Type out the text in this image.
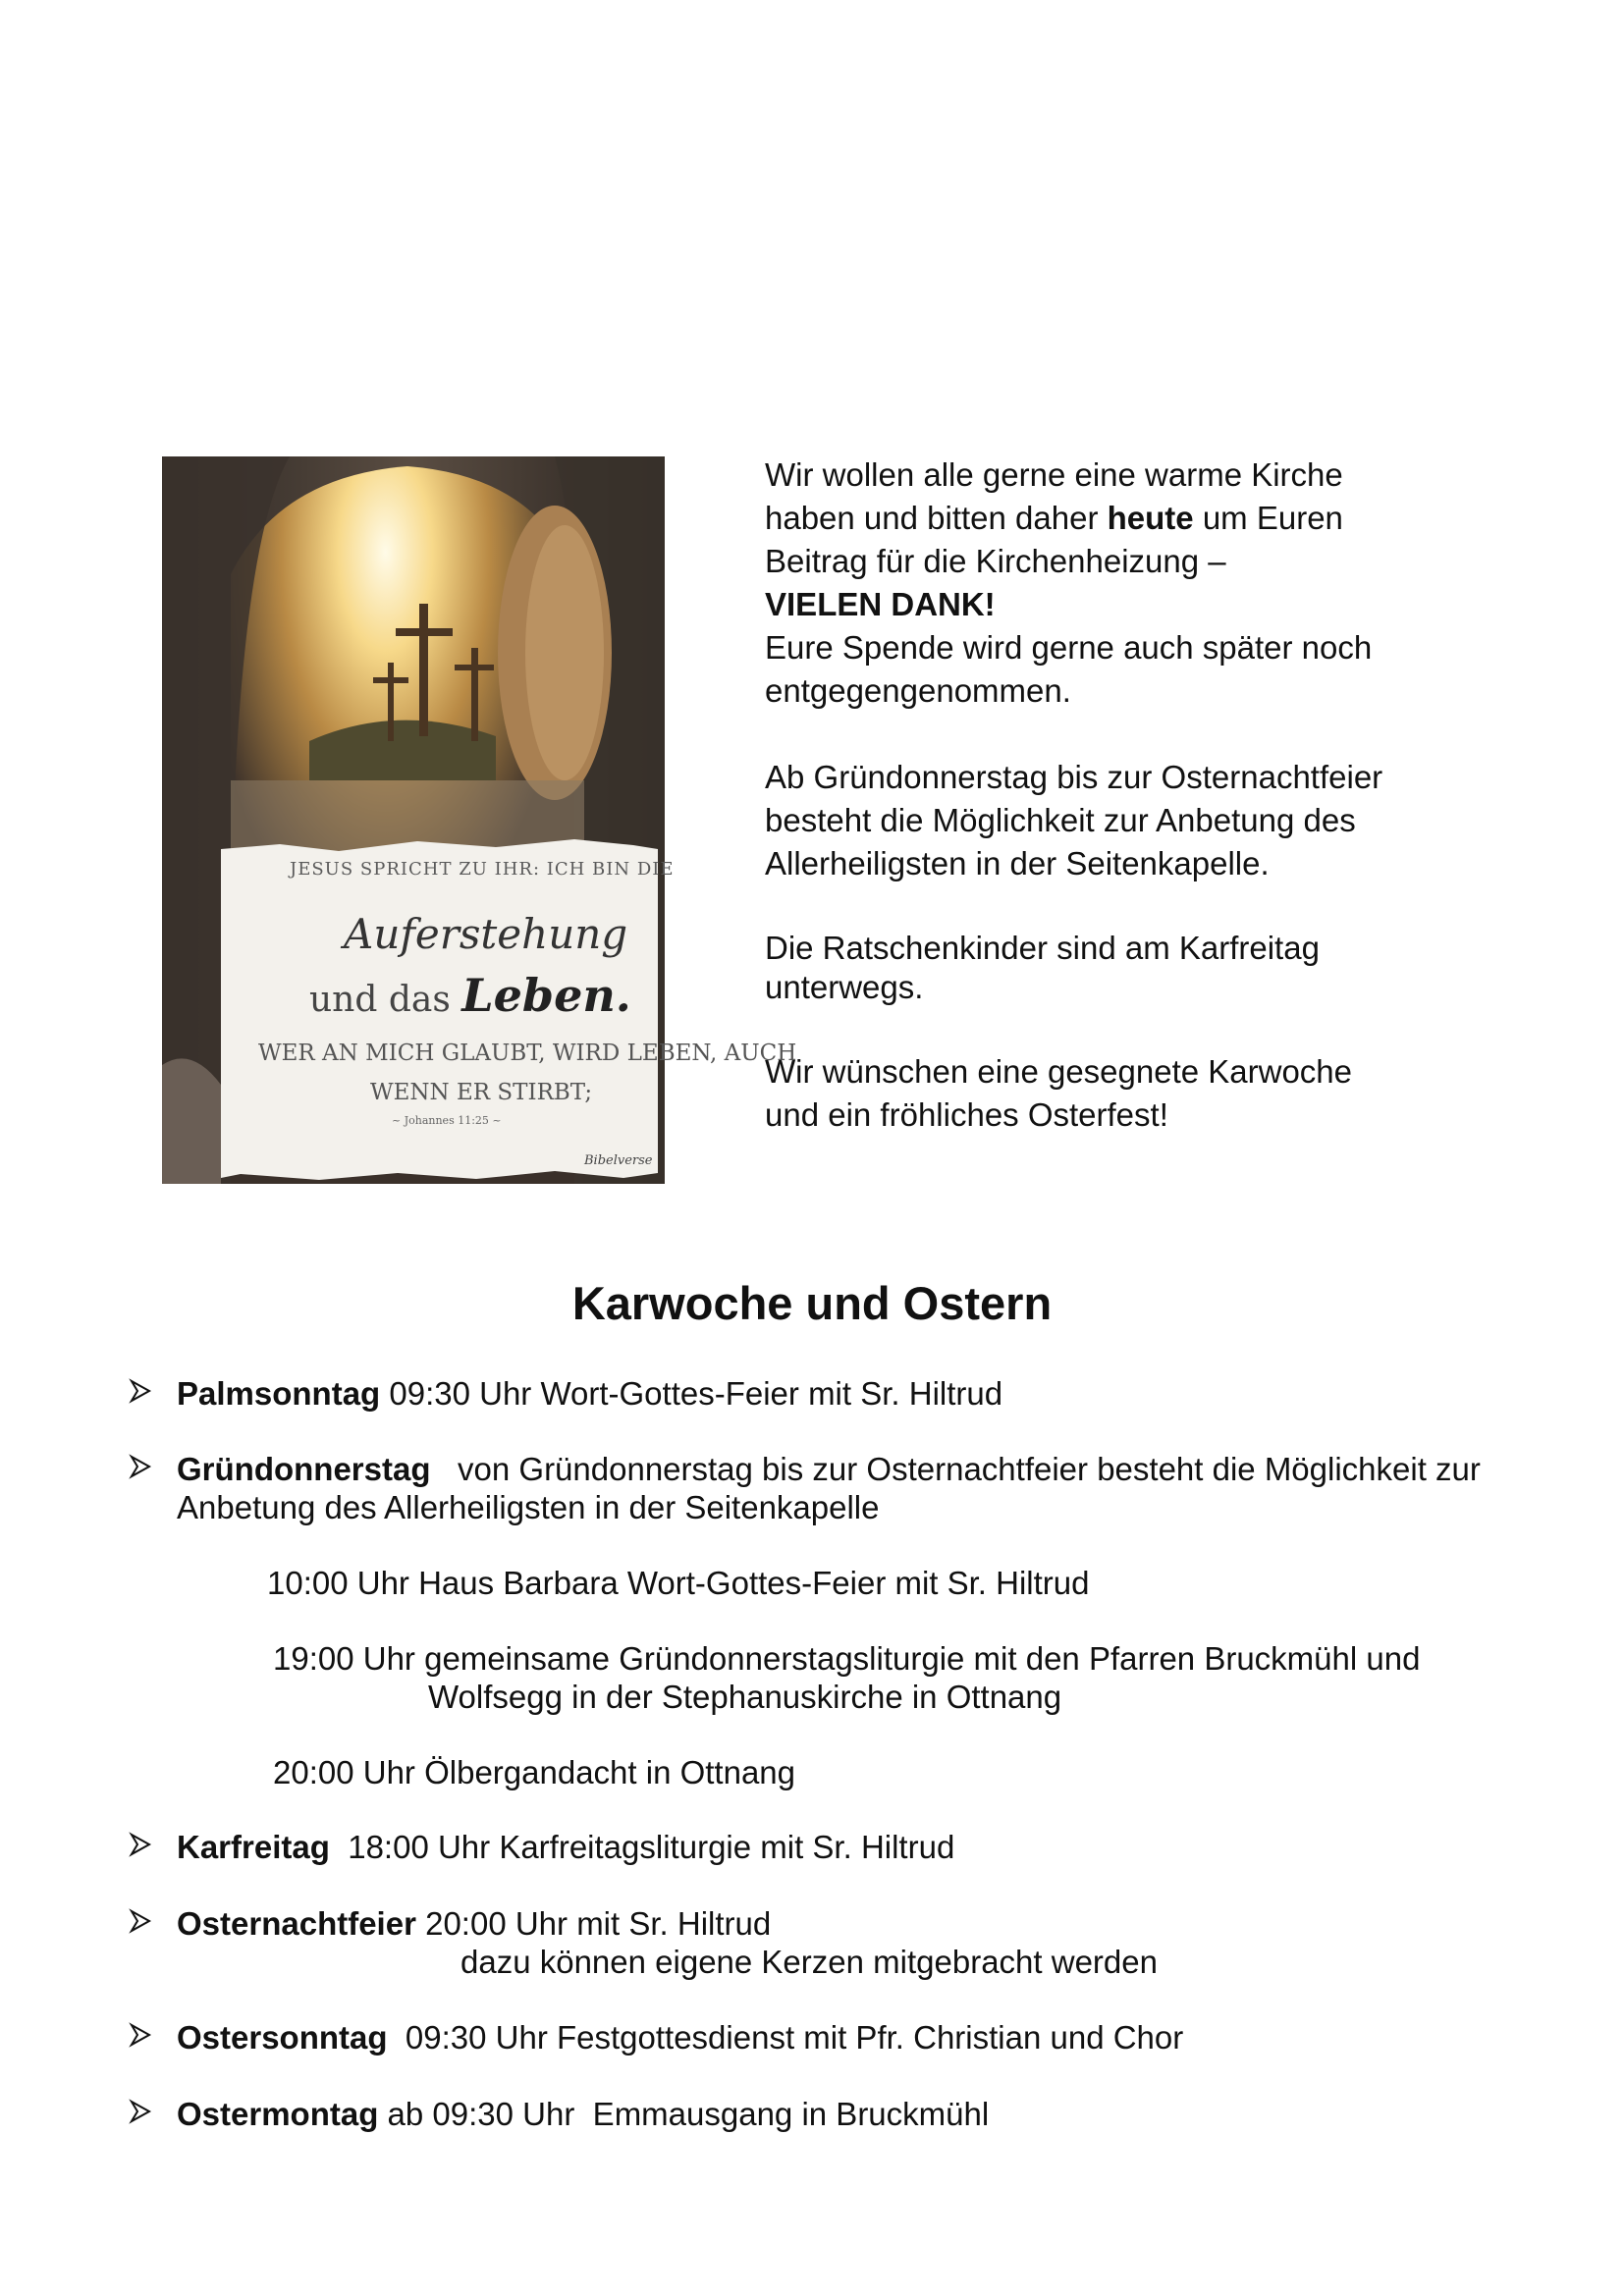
JESUS SPRICHT ZU IHR: ICH BIN DIE
Auferstehung
und das Leben.
WER AN MICH GLAUBT, WIRD LEBEN, AUCH
WENN ER STIRBT;
~ Johannes 11:25 ~
Bibelverse

Wir wollen alle gerne eine warme Kirche
haben und bitten daher heute um Euren
Beitrag für die Kirchenheizung –
VIELEN DANK!
Eure Spende wird gerne auch später noch
entgegengenommen.

Ab Gründonnerstag bis zur Osternachtfeier
besteht die Möglichkeit zur Anbetung des
Allerheiligsten in der Seitenkapelle.

Die Ratschenkinder sind am Karfreitag
unterwegs.

Wir wünschen eine gesegnete Karwoche
und ein fröhliches Osterfest!

Karwoche und Ostern
Palmsonntag 09:30 Uhr Wort-Gottes-Feier mit Sr. Hiltrud
Gründonnerstag   von Gründonnerstag bis zur Osternachtfeier besteht die Möglichkeit zur
Anbetung des Allerheiligsten in der Seitenkapelle
10:00 Uhr Haus Barbara Wort-Gottes-Feier mit Sr. Hiltrud
19:00 Uhr gemeinsame Gründonnerstagsliturgie mit den Pfarren Bruckmühl und
Wolfsegg in der Stephanuskirche in Ottnang
20:00 Uhr Ölbergandacht in Ottnang
Karfreitag  18:00 Uhr Karfreitagsliturgie mit Sr. Hiltrud
Osternachtfeier 20:00 Uhr mit Sr. Hiltrud
dazu können eigene Kerzen mitgebracht werden
Ostersonntag  09:30 Uhr Festgottesdienst mit Pfr. Christian und Chor
Ostermontag ab 09:30 Uhr  Emmausgang in Bruckmühl
